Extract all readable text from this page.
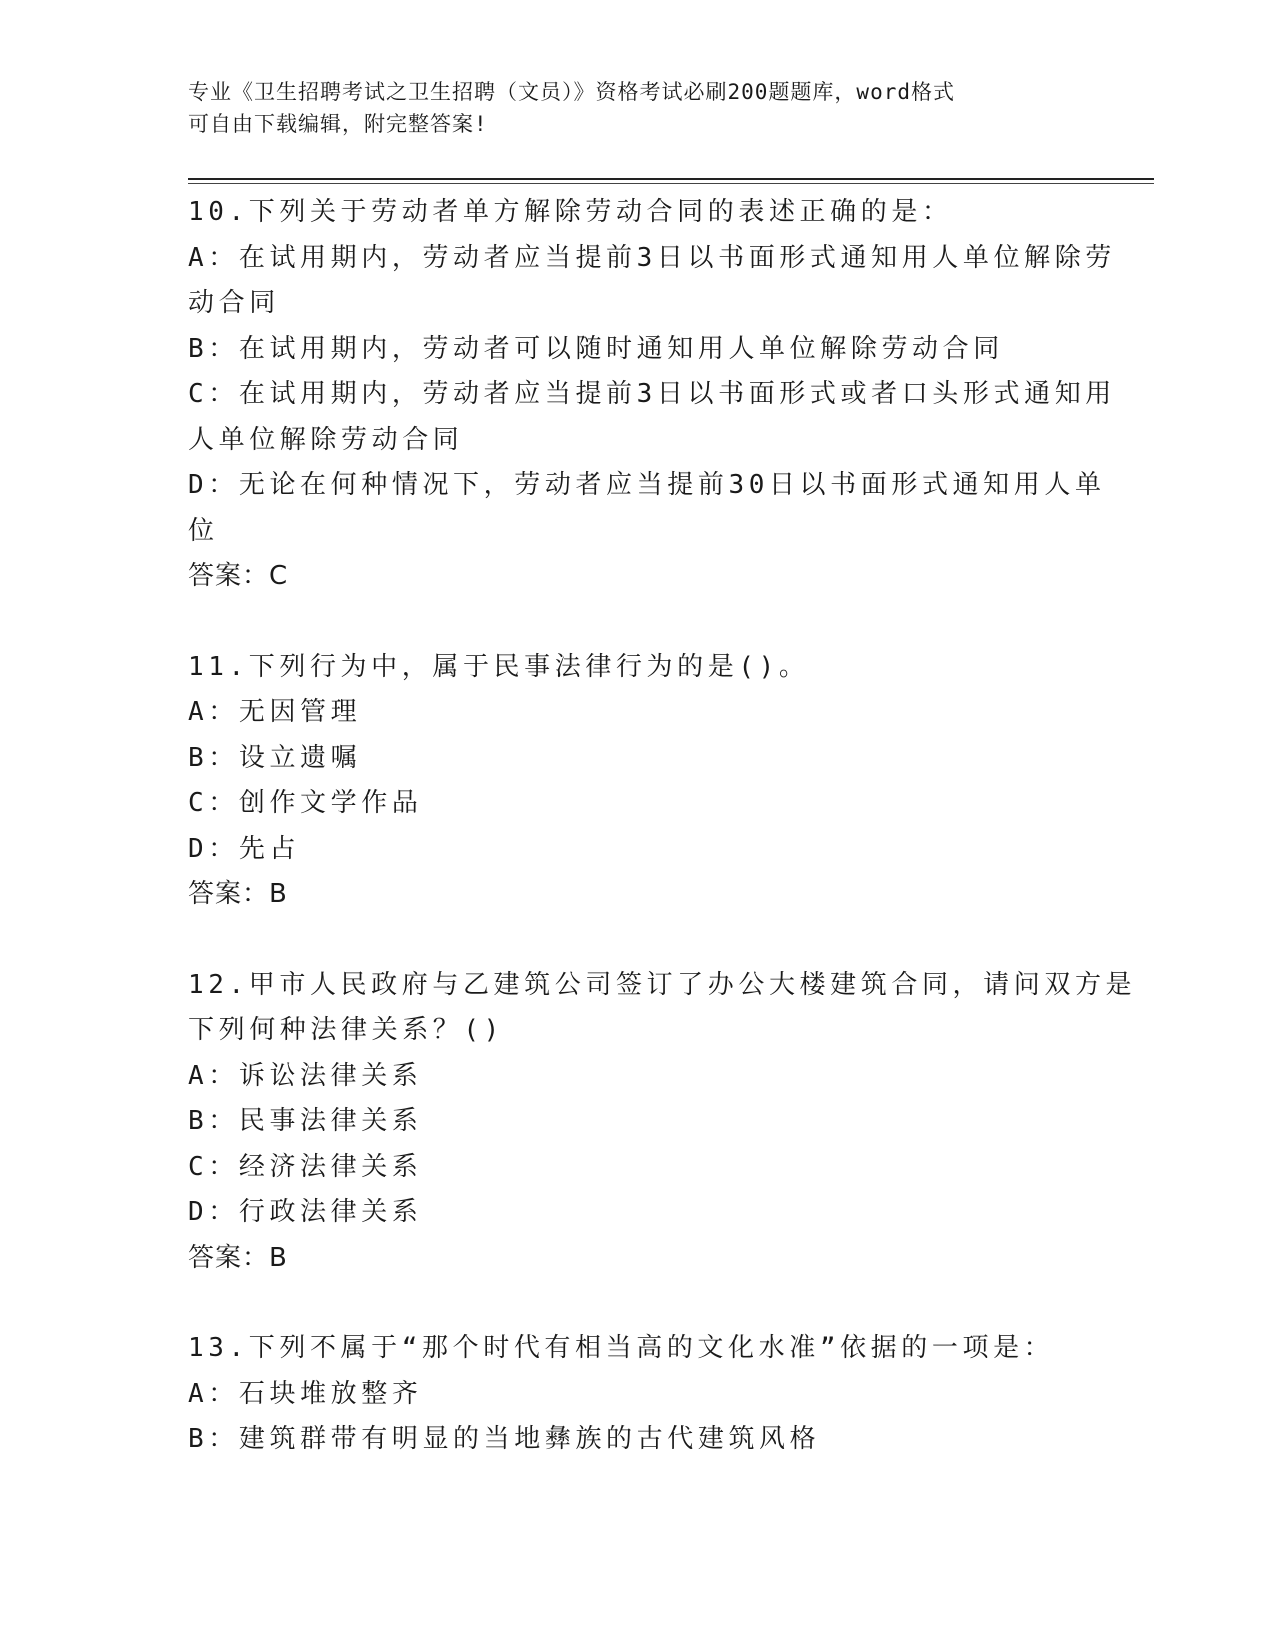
专业《卫生招聘考试之卫生招聘（文员）》资格考试必刷200题题库，word格式
可自由下载编辑，附完整答案!
10.下列关于劳动者单方解除劳动合同的表述正确的是：
A：在试用期内，劳动者应当提前3日以书面形式通知用人单位解除劳
动合同
B：在试用期内，劳动者可以随时通知用人单位解除劳动合同
C：在试用期内，劳动者应当提前3日以书面形式或者口头形式通知用
人单位解除劳动合同
D：无论在何种情况下，劳动者应当提前30日以书面形式通知用人单
位
答案：C
11.下列行为中，属于民事法律行为的是()。
A：无因管理
B：设立遗嘱
C：创作文学作品
D：先占
答案：B
12.甲市人民政府与乙建筑公司签订了办公大楼建筑合同，请问双方是
下列何种法律关系？()
A：诉讼法律关系
B：民事法律关系
C：经济法律关系
D：行政法律关系
答案：B
13.下列不属于“那个时代有相当高的文化水准”依据的一项是：
A：石块堆放整齐
B：建筑群带有明显的当地彝族的古代建筑风格
